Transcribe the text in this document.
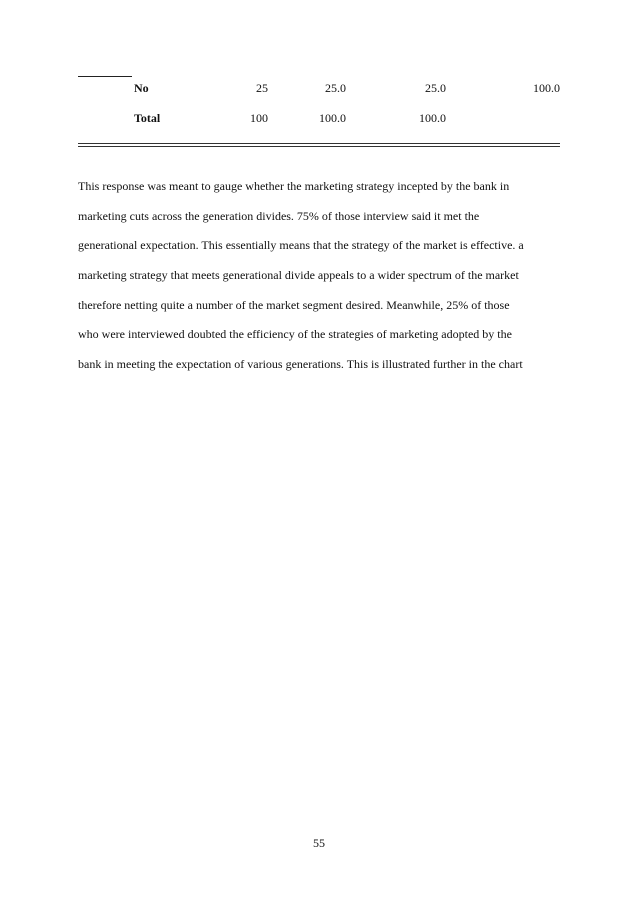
No	25	25.0	25.0	100.0
Total	100	100.0	100.0
This response was meant to gauge whether the marketing strategy incepted by the bank in
marketing cuts across the generation divides. 75% of those interview said it met the
generational expectation. This essentially means that the strategy of the market is effective. a
marketing strategy that meets generational divide appeals to a wider spectrum of the market
therefore netting quite a number of the market segment desired. Meanwhile, 25% of those
who were interviewed doubted the efficiency of the strategies of marketing adopted by the
bank in meeting the expectation of various generations. This is illustrated further in the chart
55
